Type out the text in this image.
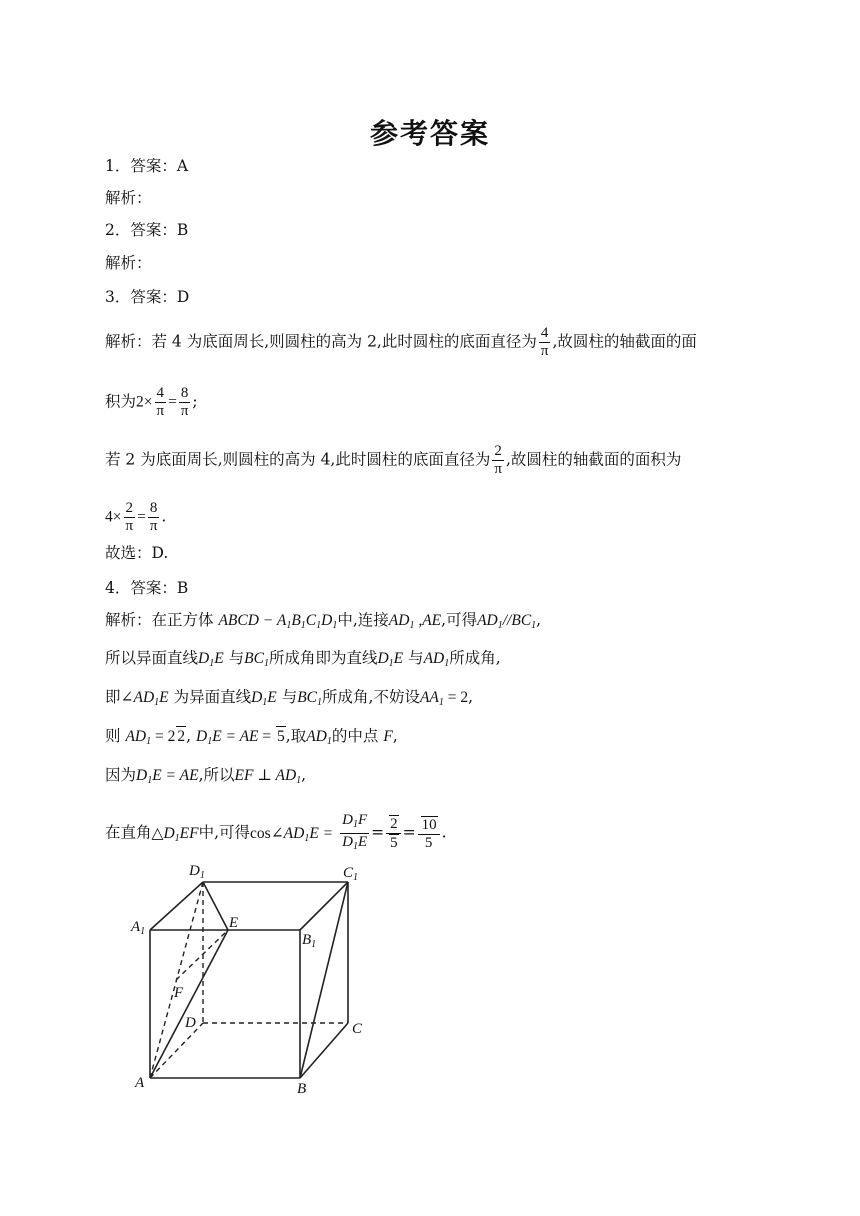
参考答案
1．答案：A
解析：
2．答案：B
解析：
3．答案：D
解析：若 4 为底面周长,则圆柱的高为 2,此时圆柱的底面直径为 $\frac{4}{\pi}$ ,故圆柱的轴截面的面
积为$2\times \frac{4}{\pi} = \frac{8}{\pi}$ ;
若 2 为底面周长,则圆柱的高为 4,此时圆柱的底面直径为 $\frac{2}{\pi}$ ,故圆柱的轴截面的面积为
$4\times \frac{2}{\pi} = \frac{8}{\pi}$ .
故选：D.
4．答案：B
解析：在正方体 ABCD − $A_1B_1C_1D_1$中,连接$AD_1$ ,AE,可得$AD_1//BC_1$,
所以异面直线$D_1E$ 与$BC_1$所成角即为直线$D_1E$ 与$AD_1$所成角,
即$\angle AD_1E$ 为异面直线$D_1E$ 与$BC_1$所成角,不妨设$AA_1 = 2$,
则 $AD_1 = 2$ 2, $D_1E$ = AE = 5,取$AD_1$的中点 F,
因为$D_1E$ = AE,所以EF ⊥ $AD_1$,
在直角$\triangle D_1EF$中,可得$\cos\angle AD_1E = \frac{D_1F}{D_1E} = \frac{2}{5} = \frac{10}{5}$ .
$D_1$	$C_1$
$A_1$
$B_1$
E
F
D	C
A	B
